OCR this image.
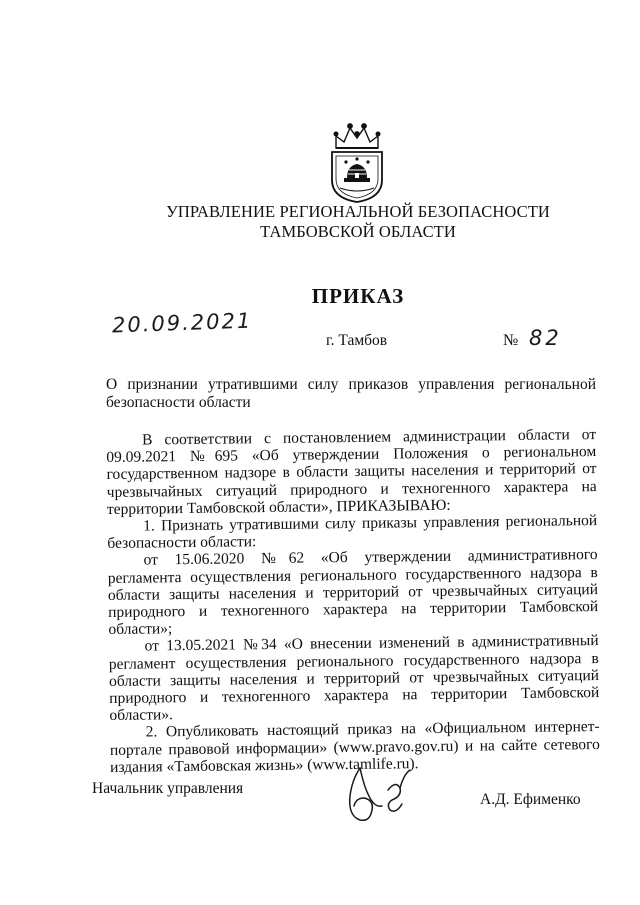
УПРАВЛЕНИЕ РЕГИОНАЛЬНОЙ БЕЗОПАСНОСТИ
ТАМБОВСКОЙ ОБЛАСТИ
ПРИКАЗ
20.09.2021
г. Тамбов	№ 82
О признании утратившими силу приказов управления региональной безопасности области

В соответствии с постановлением администрации области от 09.09.2021 №695 «Об утверждении Положения о региональном государственном надзоре в области защиты населения и территорий от чрезвычайных ситуаций природного и техногенного характера на территории Тамбовской области», ПРИКАЗЫВАЮ:

1. Признать утратившими силу приказы управления региональной безопасности области:

от 15.06.2020 №62 «Об утверждении административного регламента осуществления регионального государственного надзора в области защиты населения и территорий от чрезвычайных ситуаций природного и техногенного характера на территории Тамбовской области»;

от 13.05.2021 №34 «О внесении изменений в административный регламент осуществления регионального государственного надзора в области защиты населения и территорий от чрезвычайных ситуаций природного и техногенного характера на территории Тамбовской области».

2. Опубликовать настоящий приказ на «Официальном интернет-портале правовой информации» (www.pravo.gov.ru) и на сайте сетевого издания «Тамбовская жизнь» (www.tamlife.ru).

Начальник управления
А.Д. Ефименко
